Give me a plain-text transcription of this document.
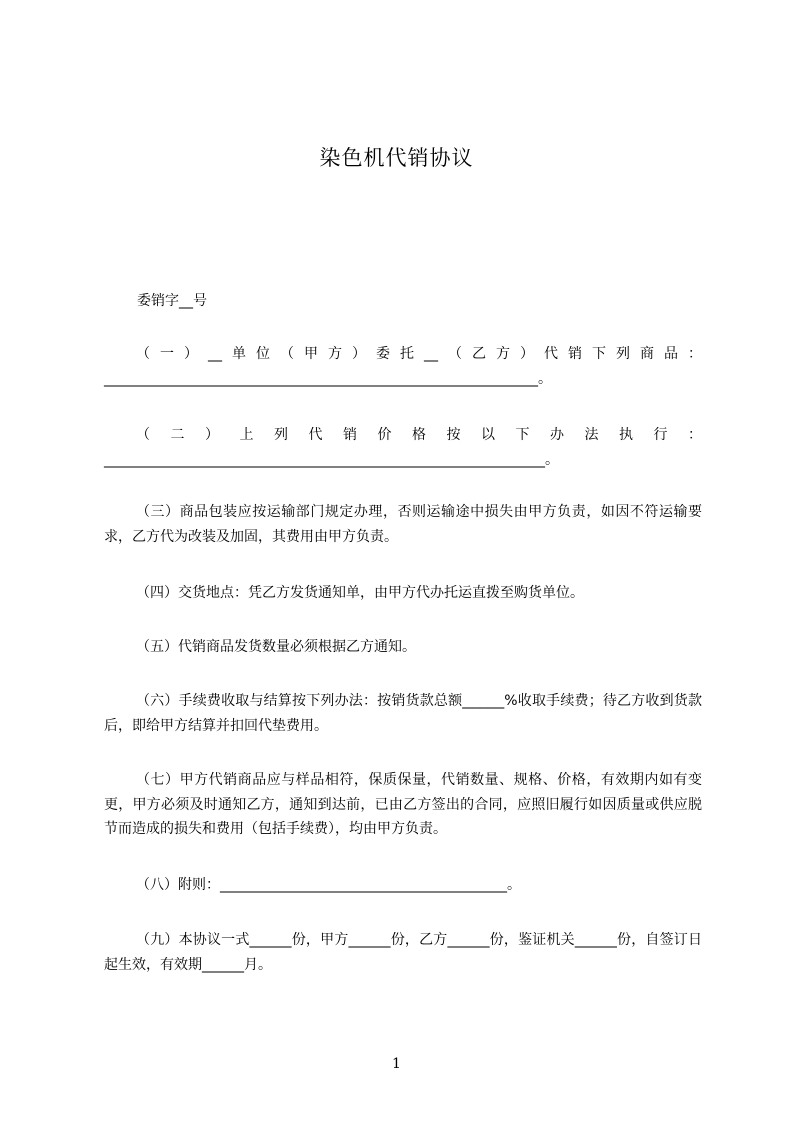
染色机代销协议
委销字__号

（一）__单位（甲方）委托__（乙方）代销下列商品：______________________________________________________________。

（二）上列代销价格按以下办法执行：_______________________________________________________________。

（三）商品包装应按运输部门规定办理，否则运输途中损失由甲方负责，如因不符运输要求，乙方代为改装及加固，其费用由甲方负责。

（四）交货地点：凭乙方发货通知单，由甲方代办托运直拨至购货单位。

（五）代销商品发货数量必须根据乙方通知。

（六）手续费收取与结算按下列办法：按销货款总额______%收取手续费；待乙方收到货款后，即给甲方结算并扣回代垫费用。

（七）甲方代销商品应与样品相符，保质保量，代销数量、规格、价格，有效期内如有变更，甲方必须及时通知乙方，通知到达前，已由乙方签出的合同，应照旧履行如因质量或供应脱节而造成的损失和费用（包括手续费），均由甲方负责。

（八）附则：_________________________________________。

（九）本协议一式______份，甲方______份，乙方______份，鉴证机关______份，自签订日起生效，有效期______月。

1
